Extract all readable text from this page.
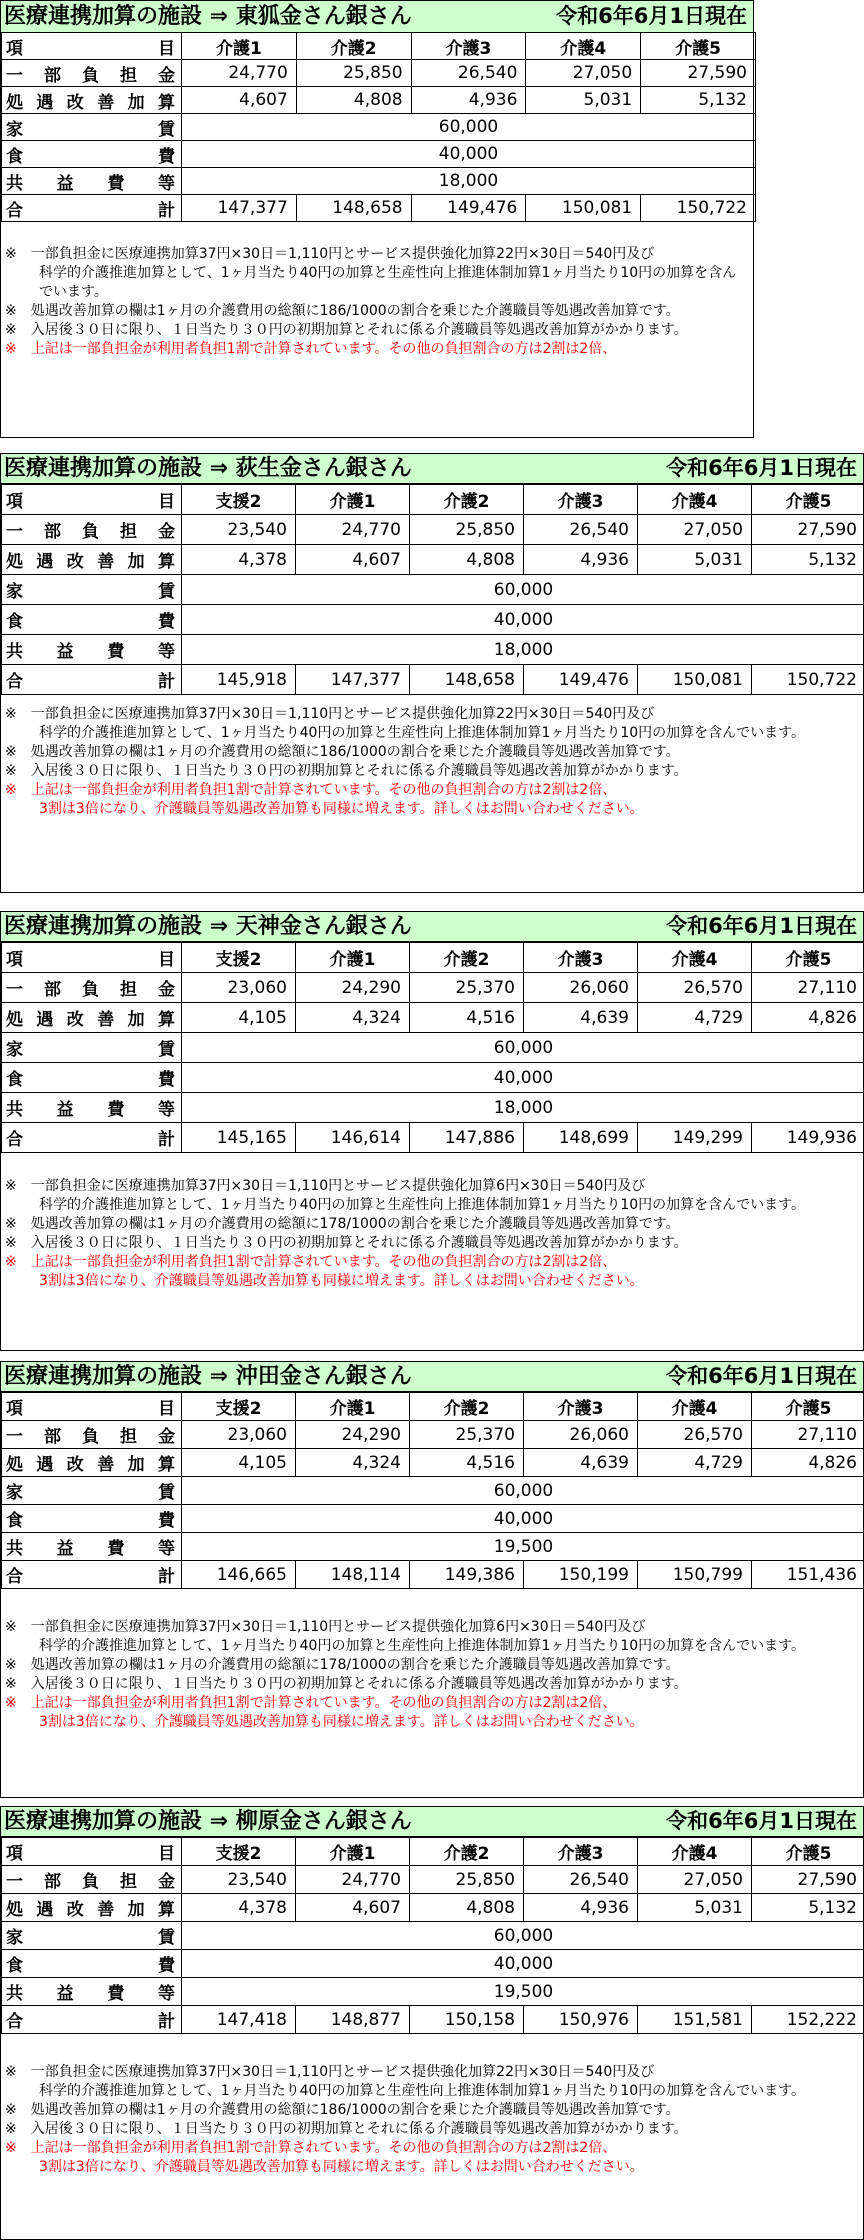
医療連携加算の施設 ⇒ 東狐金さん銀さん	令和6年6月1日現在
項　　　目	介護1	介護2	介護3	介護4	介護5
一部負担金	24,770	25,850	26,540	27,050	27,590
処遇改善加算	4,607	4,808	4,936	5,031	5,132
家　　　賃	60,000				
食　　　費	40,000				
共　益　費　等	18,000				
合　　　計	147,377	148,658	149,476	150,081	150,722

※　一部負担金に医療連携加算37円×30日＝1,110円とサービス提供強化加算22円×30日＝540円及び

科学的介護推進加算として、1ヶ月当たり40円の加算と生産性向上推進体制加算1ヶ月当たり10円の加算を含んでいます。

※　処遇改善加算の欄は1ヶ月の介護費用の総額に186/1000の割合を乗じた介護職員等処遇改善加算です。

※　入居後３０日に限り、１日当たり３０円の初期加算とそれに係る介護職員等処遇改善加算がかかります。

※　上記は一部負担金が利用者負担1割で計算されています。その他の負担割合の方は2割は2倍、

医療連携加算の施設 ⇒ 荻生金さん銀さん	令和6年6月1日現在
項　　　目	支援2	介護1	介護2	介護3	介護4	介護5
一部負担金	23,540	24,770	25,850	26,540	27,050	27,590
処遇改善加算	4,378	4,607	4,808	4,936	5,031	5,132
家　　　賃	60,000					
食　　　費	40,000					
共　益　費　等	18,000					
合　　　計	145,918	147,377	148,658	149,476	150,081	150,722

※　一部負担金に医療連携加算37円×30日＝1,110円とサービス提供強化加算22円×30日＝540円及び

科学的介護推進加算として、1ヶ月当たり40円の加算と生産性向上推進体制加算1ヶ月当たり10円の加算を含んでいます。

※　処遇改善加算の欄は1ヶ月の介護費用の総額に186/1000の割合を乗じた介護職員等処遇改善加算です。

※　入居後３０日に限り、１日当たり３０円の初期加算とそれに係る介護職員等処遇改善加算がかかります。

※　上記は一部負担金が利用者負担1割で計算されています。その他の負担割合の方は2割は2倍、

3割は3倍になり、介護職員等処遇改善加算も同様に増えます。詳しくはお問い合わせください。

医療連携加算の施設 ⇒ 天神金さん銀さん	令和6年6月1日現在
項　　　目	支援2	介護1	介護2	介護3	介護4	介護5
一部負担金	23,060	24,290	25,370	26,060	26,570	27,110
処遇改善加算	4,105	4,324	4,516	4,639	4,729	4,826
家　　　賃	60,000					
食　　　費	40,000					
共　益　費　等	18,000					
合　　　計	145,165	146,614	147,886	148,699	149,299	149,936

※　一部負担金に医療連携加算37円×30日＝1,110円とサービス提供強化加算6円×30日＝540円及び

科学的介護推進加算として、1ヶ月当たり40円の加算と生産性向上推進体制加算1ヶ月当たり10円の加算を含んでいます。

※　処遇改善加算の欄は1ヶ月の介護費用の総額に178/1000の割合を乗じた介護職員等処遇改善加算です。

※　入居後３０日に限り、１日当たり３０円の初期加算とそれに係る介護職員等処遇改善加算がかかります。

※　上記は一部負担金が利用者負担1割で計算されています。その他の負担割合の方は2割は2倍、

3割は3倍になり、介護職員等処遇改善加算も同様に増えます。詳しくはお問い合わせください。

医療連携加算の施設 ⇒ 沖田金さん銀さん	令和6年6月1日現在
項　　　目	支援2	介護1	介護2	介護3	介護4	介護5
一部負担金	23,060	24,290	25,370	26,060	26,570	27,110
処遇改善加算	4,105	4,324	4,516	4,639	4,729	4,826
家　　　賃	60,000					
食　　　費	40,000					
共　益　費　等	19,500					
合　　　計	146,665	148,114	149,386	150,199	150,799	151,436

※　一部負担金に医療連携加算37円×30日＝1,110円とサービス提供強化加算6円×30日＝540円及び

科学的介護推進加算として、1ヶ月当たり40円の加算と生産性向上推進体制加算1ヶ月当たり10円の加算を含んでいます。

※　処遇改善加算の欄は1ヶ月の介護費用の総額に178/1000の割合を乗じた介護職員等処遇改善加算です。

※　入居後３０日に限り、１日当たり３０円の初期加算とそれに係る介護職員等処遇改善加算がかかります。

※　上記は一部負担金が利用者負担1割で計算されています。その他の負担割合の方は2割は2倍、

3割は3倍になり、介護職員等処遇改善加算も同様に増えます。詳しくはお問い合わせください。

医療連携加算の施設 ⇒ 柳原金さん銀さん	令和6年6月1日現在
項　　　目	支援2	介護1	介護2	介護3	介護4	介護5
一部負担金	23,540	24,770	25,850	26,540	27,050	27,590
処遇改善加算	4,378	4,607	4,808	4,936	5,031	5,132
家　　　賃	60,000					
食　　　費	40,000					
共　益　費　等	19,500					
合　　　計	147,418	148,877	150,158	150,976	151,581	152,222

※　一部負担金に医療連携加算37円×30日＝1,110円とサービス提供強化加算22円×30日＝540円及び

科学的介護推進加算として、1ヶ月当たり40円の加算と生産性向上推進体制加算1ヶ月当たり10円の加算を含んでいます。

※　処遇改善加算の欄は1ヶ月の介護費用の総額に186/1000の割合を乗じた介護職員等処遇改善加算です。

※　入居後３０日に限り、１日当たり３０円の初期加算とそれに係る介護職員等処遇改善加算がかかります。

※　上記は一部負担金が利用者負担1割で計算されています。その他の負担割合の方は2割は2倍、

3割は3倍になり、介護職員等処遇改善加算も同様に増えます。詳しくはお問い合わせください。
